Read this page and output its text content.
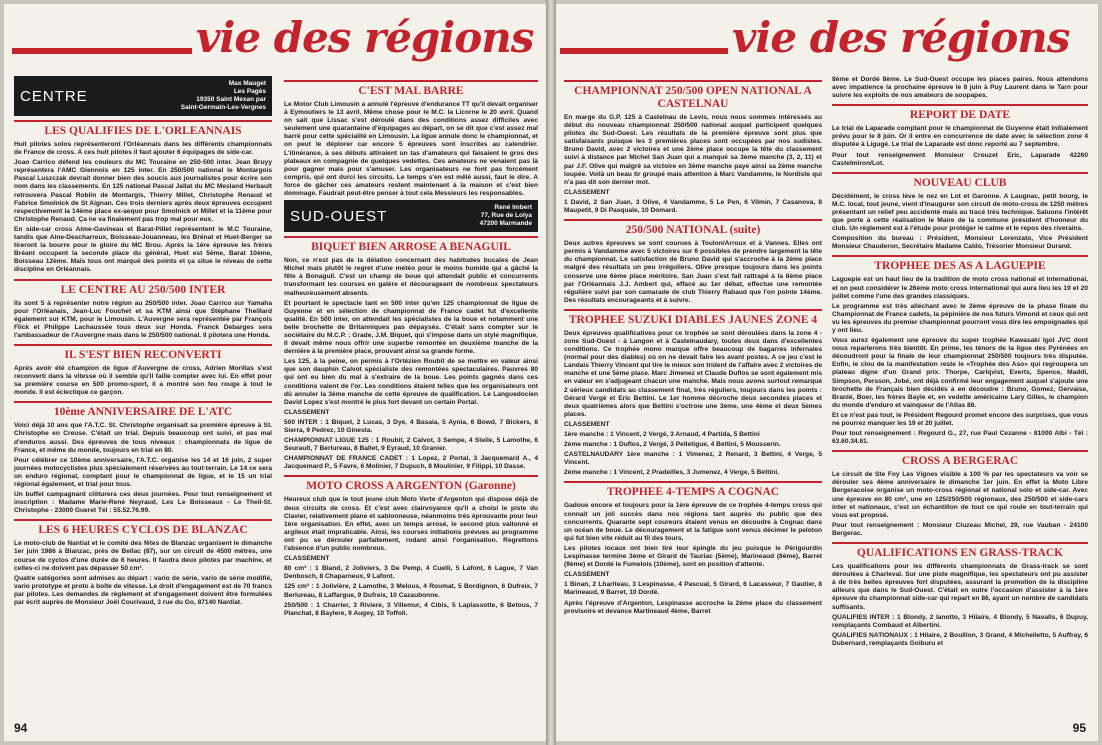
vie des régions
CENTRE
Max Mauget
Les Pagès
19350 Saint Mexan par
Saint-Germain-Les-Vergnes
LES QUALIFIES DE L'ORLEANNAIS

Huit pilotes solos représenteront l'Orléannais dans les différents championnats de France de cross. A ces huit pilotes il faut ajouter 6 équipages de side-car.

Joao Carrico défend les couleurs du MC Touraine en 250-500 inter. Jean Bruyy représentera l'AMC Giennois en 125 inter. En 250/500 national le Montargois Pascal Luszczak devrait donner bien des soucis aux journalistes pour écrire son nom dans les classements. En 125 national Pascal Jallat du MC Mesland Herbault retrouvera Pascal Roblin de Montargis, Thierry Millet, Christophe Renaud et Fabrice Smolnick de St Aignan. Ces trois derniers après deux épreuves occupent respectivement la 14ème place ex-aequo pour Smolnick et Millet et la 11ème pour Christophe Renaud. Ça ne va finalement pas trop mal pour eux.

En side-car cross Aime-Gavineau et Barat-Pillet représentent le M.C Touraine, tandis que Aine-Descharreux, Boisseau-Jouanneau, les Brénat et Huet-Berger se tireront la bourre pour le gloire du MC Brou. Après la 1ère épreuve les frères Bréant occupent la seconde place du général, Huet est 5ème, Barat 10ème, Boisseau 12ème. Mais tous ont marqué des points et ça situe le niveau de cette discipline en Orléannais.

LE CENTRE AU 250/500 INTER

Ils sont 5 à représenter notre région au 250/500 inter. Joao Carrico sur Yamaha pour l'Orléanais, Jean-Luc Fouchet et sa KTM ainsi que Stéphane Theillard également sur KTM, pour le Limousin. L'Auvergne sera représentée par François Flick et Philippe Lachaussée tous deux sur Honda. Franck Debarges sera l'ambassadeur de l'Auvergne mais dans le 250/500 national. Il pilotera une Honda.

IL S'EST BIEN RECONVERTI

Après avoir été champion de ligue d'Auvergne de cross, Adrien Morillas s'est reconverti dans la vitesse où il semble qu'il faille compter avec lui. En effet pour sa première course en 500 promo-sport, il a montré son feu rouge à tout le monde. Il est éclectique ce garçon.

10ème ANNIVERSAIRE DE L'ATC

Voici déjà 10 ans que l'A.T.C. St. Christophe organisait sa première épreuve à St. Christophe en Creuse. C'était un trial. Depuis beaucoup ont suivi, et pas mal d'enduros aussi. Des épreuves de tous niveaux : championnats de ligue de France, et même du monde, toujours en trial en 80.

Pour célébrer ce 10ème anniversaire, l'A.T.C. organise les 14 et 16 juin, 2 super journées motocyclistes plus spécialement réservées au tout-terrain. Le 14 ce sera un enduro régional, comptant pour le championnat de ligue, et le 15 un trial régional également, et trial pour tous.

Un buffet campagnard clôturera ces deux journées. Pour tout renseignement et inscription : Madame Marie-René Neyraud, Les Le Boisseaux - Le Theil-St. Christophe - 23000 Gueret Tél : 55.52.76.99.

LES 6 HEURES CYCLOS DE BLANZAC

Le moto-club de Nantiat et le comité des fêtes de Blanzac organisent le dimanche 1er juin 1986 à Blanzac, près de Bellac (87), sur un circuit de 4500 mètres, une course de cyclos d'une durée de 6 heures. Il faudra deux pilotes par machine, et celles-ci ne doivent pas dépasser 50 cm³.

Quatre catégories sont admises au départ : vario de série, vario de série modifié, vario prototype et proto à boîte de vitesse. Le droit d'engagement est de 70 francs par pilotes. Les demandes de règlement et d'engagement doivent être formulées par écrit auprès de Monsieur Joël Courivaud, 3 rue du Go, 87140 Nantiat.

C'EST MAL BARRE

Le Motor Club Limousin a annulé l'épreuve d'endurance TT qu'il devait organiser à Eymoutiers le 13 avril. Même chose pour le M.C. la Licorne le 20 avril. Quand on sait que Lissac s'est déroulé dans des conditions assez difficiles avec seulement une quarantaine d'équipages au départ, on se dit que c'est assez mal barré pour cette spécialité en Limousin. La ligue annule donc le championnat, et on peut le déplorer car encore 5 épreuves sont inscrites au calendrier. L'itinérance, à ses débuts attiraient un tas d'amateurs qui faisaient le gros des plateaux en compagnie de quelques vedettes. Ces amateurs ne venaient pas là pour gagner mais pour s'amuser. Les organisateurs ne font pas forcément compris, qui ont durci les circuits. Le temps s'en est mêlé aussi, faut le dire. A force de gâcher ces amateurs restent maintenant à la maison et c'est bien dommage. Faudrait peut-être penser à tout cela Messieurs les responsables.

SUD-OUEST	René Imbert
77, Rue de Lolya
47200 Marmande
BIQUET BIEN ARROSE A BENAGUIL

Non, ce n'est pas de la délation concernant des habitudes bucales de Jean Michel mais plutôt le regret d'une météo pour le moins humide qui a gâché la fête à Bonaguil. C'est un champ de boue qui attendait public et concurrents transformant les courses en galère et décourageant de nombreux spectateurs malheureusement absents.

Et pourtant le spectacle tant en 500 inter qu'en 125 championnat de ligue de Guyenne et en sélection de championnat de France cadet fut d'excellente qualité. En 500 inter, on attendait les spécialistes de la boue et notamment une belle brochette de Britanniques pas dépaysés. C'était sans compter sur le sociétaire du M.C.P. : Grade, J.M. Biquet, qui s'impose dans un style magnifique. Il devait même nous offrir une superbe remontée en deuxième manche de la dernière à la première place, prouvant ainsi sa grande forme.

Les 125, à la peine, on permis à l'Ortézien Roubit de se mettre en valeur ainsi que son dauphin Calvot spécialiste des remontées spectaculaires. Pauvres 80 qui ont eu bien du mal à s'extraire de la boue. Les points gagnés dans ces conditions valent de l'or. Les conditions étaient telles que les organisateurs ont dû annuler la 3ème manche de cette épreuve de qualification. Le Languedocien David Lopez s'est montré le plus fort devant un certain Portal.

CLASSEMENT

500 INTER : 1 Biquet, 2 Lucas, 3 Dye, 4 Basaia, 5 Aynia, 6 Bowd, 7 Bickers, 8 Sierra, 9 Pedrez, 10 Ginesta.

CHAMPIONNAT LIGUE 125 : 1 Roubit, 2 Calvot, 3 Sempe, 4 Stelle, 5 Lamothe, 6 Seurault, 7 Berlureau, 8 Ballet, 9 Eyraud, 10 Granier.

CHAMPIONNAT DE FRANCE CADET : 1 Lopez, 2 Portal, 3 Jacquemard A., 4 Jacquemard P., 5 Favre, 6 Molinier, 7 Dupuch, 8 Moulinier, 9 Filippi, 10 Dasse.

MOTO CROSS A ARGENTON (Garonne)

Heureux club que le tout jeune club Moto Verte d'Argenton qui dispose déjà de deux circuits de cross. Et c'est avec clairvoyance qu'il a choisi le piste du Clavier, relativement plane et sablonneuse, néanmoins très éprouvante pour leur 1ère organisation. En effet, avec un temps arrosé, le second plus vallonné et argileux était impraticable. Ainsi, les courses initiations prévues au programme ont pu se dérouler parfaitement, rodant ainsi l'organisation. Regrettons l'absence d'un public nombreux.

CLASSEMENT

80 cm³ : 1 Bland, 2 Joliviers, 3 De Pemp, 4 Cuelli, 5 Lafont, 6 Lague, 7 Van Denbosch, 8 Chaparneux, 9 Lafont.

125 cm³ : 1 Jolivière, 2 Lamothe, 3 Melous, 4 Roumat, 5 Bordignon, 6 Dufreix, 7 Berlureau, 8 Laffargue, 9 Dufreix, 10 Cazaubonne.

250/500 : 1 Charrier, 3 Riviere, 3 Villemur, 4 Cibis, 5 Laplassotte, 6 Betous, 7 Planchat, 8 Baylere, 9 Augey, 10 Toffoli.

94
vie des régions
CHAMPIONNAT 250/500 OPEN NATIONAL A CASTELNAU

En marge du G.P. 125 à Castelnau de Levis, nous nous sommes intéressés au début du nouveau championnat 250/500 national auquel participent quelques pilotes du Sud-Ouest. Les résultats de la première épreuve sont plus que satisfaisants puisque les 3 premières places sont occupées par nos sudistes. Bruno David, avec 2 victoires et une 2ème place occupe la tête du classement suivi à distance par Michel San Juan qui a manqué sa 3ème manche (3, 2, 11) et par J.F. Olive qui malgré sa victoire en 3ème manche paye ainsi sa 2ème manche loupée. Voilà un beau tir groupé mais attention à Marc Vandamme, le Nordiste qui n'a pas dit son dernier mot.

CLASSEMENT

1 David, 2 San Juan, 3 Olive, 4 Vandamme, 5 Le Pen, 6 Vilmin, 7 Casanova, 8 Maupetit, 9 Di Pasquale, 10 Domard.

250/500 NATIONAL (suite)

Deux autres épreuves se sont courues à Toulon/Arroux et à Vannes. Elles ont permis à Vandamme avec 5 victoires sur 6 possibles de prendre largement la tête du championnat. Le satisfaction de Bruno David qui s'accroche à la 2ème place malgré des résultats un peu irréguliers. Olive presque toujours dans les points conserve une 6ème place méritoire. San Juan s'est fait rattrapé à la 8ème place par l'Orléannais J.J. Ambert qui, effacé au 1er débat, effectue une remontée régulière suivi par son camarade de club Thierry Rabaud que l'on pointe 14ème. Des résultats encourageants et à suivre.

TROPHEE SUZUKI DIABLES JAUNES ZONE 4

Deux épreuves qualificatives pour ce trophée se sont déroulées dans la zone 4 - zone Sud-Ouest - à Langon et à Castelnaudary, toutes deux dans d'excellentes conditions. Ce trophée mono marque offre beaucoup de bagarres infernales (normal pour des diables) où on ne devait faire les avant postes. A ce jeu c'est le Landais Thierry Vincent qui tire le mieux son trident de l'affaire avec 2 victoires de manche et une 5ème place. Marc Jimenez et Claude Duflos se sont également mis en valeur en s'adjugeant chacun une manche. Mais nous avons surtout remarqué 2 sérieux candidats au classement final, très réguliers, toujours dans les points : Gérard Vergé et Eric Bettini. Le 1er homme décroche deux secondes places et deux quatrièmes alors que Bettini s'octroie une 3ème, une 4ème et deux 5èmes places.

CLASSEMENT

1ère manche : 1 Vincent, 2 Vergé, 3 Arnaud, 4 Partida, 5 Bettini

2ème manche : 1 Duflos, 2 Vergé, 3 Pelletigue, 4 Bettini, 5 Mousserin.

CASTELNAUDARY 1ère manche : 1 Vimenez, 2 Renard, 3 Bettini, 4 Verge, 5 Vincent.

2ème manche : 1 Vincent, 2 Pradeilles, 3 Jumenez, 4 Verge, 5 Bettini.

TROPHEE 4-TEMPS A COGNAC

Gadoue encore et toujours pour la 1ère épreuve de ce trophée 4-temps cross qui connait un joli succès dans nos régions tant auprès du public que des concurrents. Quarante sept coureurs étaient venus en découdre à Cognac dans un océan de boue. Le découragement et la fatigue sont venus décimer le peloton qui fut bien vite réduit au fil des tours.

Les pilotes locaux ont bien tiré leur épingle du jeu puisque le Périgourdin Lespinasse termine 3ème et Girard de Tauriac (5ème), Marineaud (8ème), Barret (9ème) et Dordé le Fumelois (10ème), sont en position d'attente.

CLASSEMENT

1 Binan, 2 Lhariteau, 3 Lespinasse, 4 Pascual, 5 Girard, 6 Lacasseur, 7 Gautier, 8 Marineaud, 9 Barret, 10 Dordé.

Après l'épreuve d'Argenton, Lespinasse accroche la 2ème place du classement provisoire et devance Martineaud 4ème, Barret

8ème et Dordé 8ème. Le Sud-Ouest occupe les places paires. Nous attendons avec impatience la prochaine épreuve le 8 juin à Puy Laurent dans le Tarn pour suivre les exploits de nos amateurs de soupapes.

REPORT DE DATE

Le trial de Laparade comptant pour le championnat de Guyenne était initialement prévu pour le 8 juin. Or il entre en concurrence de date avec le sélection zone 4 disputée à Ligugé. Le trial de Laparade est donc reporté au 7 septembre.

Pour tout renseignement Monsieur Crouzet Eric, Laparade 42260 Castelmiron/Lot.

NOUVEAU CLUB

Décidément, le cross lève le nez en Lot et Garonne. A Laugnac, petit bourg, le M.C. local, tout jeune, vient d'inaugurer son circuit de moto-cross de 1250 mètres présentant un relief peu accidenté mais au tracé très technique. Saluons l'intérêt que porte à cette réalisation le Maire de la commune président d'honneur du club. Un règlement est à l'étude pour protéger le calme et le repos des riverains.

Composition du bureau : Président, Monsieur Lorenzato, Vice Président Monsieur Chauderon, Secrétaire Madame Caldo, Trésorier Monsieur Durand.

TROPHEE DES AS A LAGUEPIE

Laguepie est un haut lieu de la tradition de moto cross national et international, et on peut considérer le 26ème moto cross international qui aura lieu les 19 et 20 juillet comme l'une des grandes classiques.

Le programme est très alléchant avec le 2ème épreuve de la phase finale du Championnat de France cadets, la pépinière de nos futurs Vimond et ceux qui ont vu les épreuves du premier championnat pourront vous dire les empoignades qui y ont lieu.

Vous aurez également une épreuve du super trophée Kawasaki Igol JVC dont nous reparlerons très bientôt. En prime, les ténors de la ligue des Pyrénées en découdront pour la finale de leur championnat 250/500 toujours très disputée. Enfin, le clou de la manifestation reste le «Trophée des Aso» qui regroupera un plateau digne d'un Grand prix. Thorpe, Carlqvist, Everts, Spence, Maddi, Simpson, Persson, Jobé, ont déjà confirmé leur engagement auquel s'ajoute une brochette de Français bien décidés à en découdre : Bruno, Gomez, Gervaise, Branlé, Boer, les frères Bayle et, en vedette américaine Lary Gilles, le champion du monde d'enduro et vainqueur de l'Atlas 86.

Et ce n'est pas tout, le Président Regourd promet encore des surprises, que vous ne pourrez manquer les 19 et 20 juillet.

Pour tout renseignement : Regourd G., 27, rue Paul Cezanne - 81000 Albi - Tél : 63.60.34.61.

CROSS A BERGERAC

Le circuit de Ste Foy Les Vignes visible à 100 % par les spectateurs va voir se dérouler ses 4ème anniversaire le dimanche 1er juin. En effet la Moto Libre Bergeracoise organise un moto-cross régional et national solo et side-car. Avec une épreuve en 80 cm³, une en 125/250/500 régionaux, des 250/500 et side-cars inter et nationaux, c'est un échantillon de tout ce qui roule en tout-terrain qui vous est proposé.

Pour tout renseignement : Monsieur Cluzeau Michel, 29, rue Vauban - 24100 Bergerac.

QUALIFICATIONS EN GRASS-TRACK

Les qualifications pour les différents championnats de Grass-track se sont déroulées à Charleval. Sur une piste magnifique, les spectateurs ont pu assister à de très belles épreuves fort disputées, assurant la promotion de la discipline ailleurs que dans le Sud-Ouest. C'était en outre l'occasion d'assister à la 1ère épreuve du championnat side-car qui repart en 86, ayant un nombre de candidats suffisants.

QUALIFIES INTER : 1 Blondy, 2 Ianotto, 3 Hilaire, 4 Blondy, 5 Navalls, 6 Dupuy, remplaçants Combaud et Albertini.

QUALIFIES NATIONAUX : 1 Hilaire, 2 Boullion, 3 Grand, 4 Michelletto, 5 Auffray, 6 Dubernard, remplaçants Goiburu et

95
